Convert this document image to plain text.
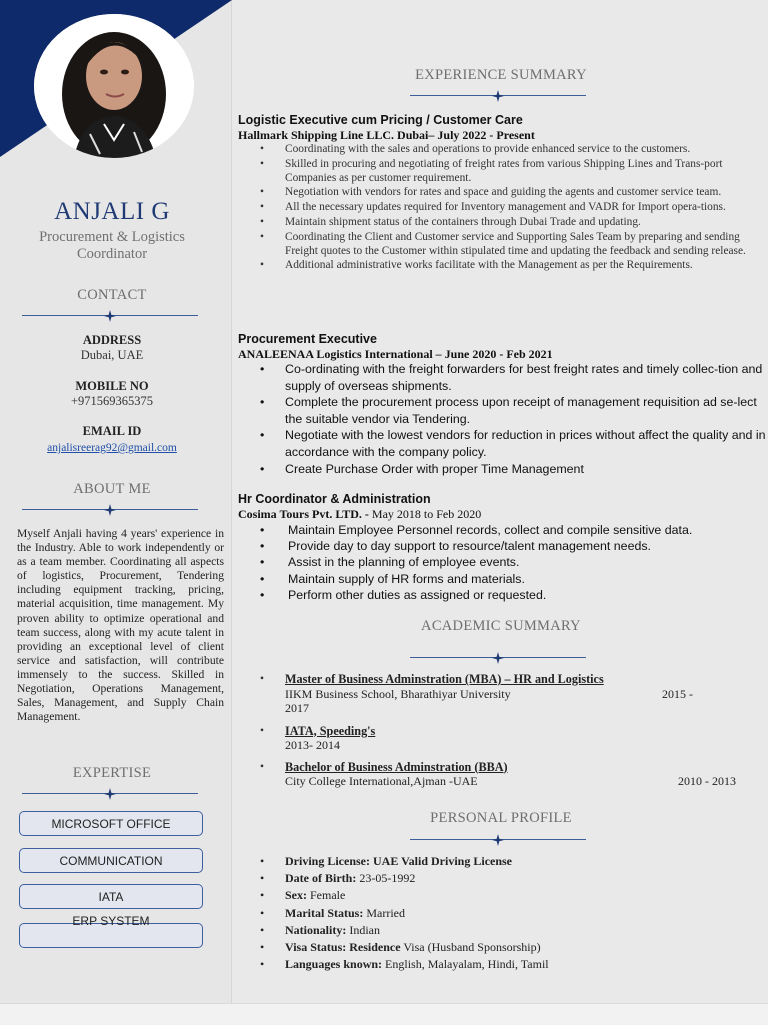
ANJALI G
Procurement & Logistics
Coordinator
CONTACT
ADDRESS
Dubai, UAE
MOBILE NO
+971569365375
EMAIL ID
anjalisreerag92@gmail.com
ABOUT ME
Myself Anjali having 4 years' experience in the Industry. Able to work independently or as a team member. Coordinating all aspects of logistics, Procurement, Tendering including equipment tracking, pricing, material acquisition, time management. My proven ability to optimize operational and team success, along with my acute talent in providing an exceptional level of client service and satisfaction, will contribute immensely to the success. Skilled in Negotiation, Operations Management, Sales, Management, and Supply Chain Management.
EXPERTISE
MICROSOFT OFFICE
COMMUNICATION
IATA
ERP SYSTEM
EXPERIENCE SUMMARY
Logistic Executive cum Pricing / Customer Care
Hallmark Shipping Line LLC. Dubai– July 2022 - Present
• Coordinating with the sales and operations to provide enhanced service to the customers.
• Skilled in procuring and negotiating of freight rates from various Shipping Lines and Trans-port Companies as per customer requirement.
• Negotiation with vendors for rates and space and guiding the agents and customer service team.
• All the necessary updates required for Inventory management and VADR for Import opera-tions.
• Maintain shipment status of the containers through Dubai Trade and updating.
• Coordinating the Client and Customer service and Supporting Sales Team by preparing and sending Freight quotes to the Customer within stipulated time and updating the feedback and sending release.
• Additional administrative works facilitate with the Management as per the Requirements.
Procurement Executive
ANALEENAA Logistics International – June 2020 - Feb 2021
• Co-ordinating with the freight forwarders for best freight rates and timely collec-tion and supply of overseas shipments.
• Complete the procurement process upon receipt of management requisition ad se-lect the suitable vendor via Tendering.
• Negotiate with the lowest vendors for reduction in prices without affect the quality and in accordance with the company policy.
• Create Purchase Order with proper Time Management
Hr Coordinator & Administration
Cosima Tours Pvt. LTD. - May 2018 to Feb 2020
• Maintain Employee Personnel records, collect and compile sensitive data.
• Provide day to day support to resource/talent management needs.
• Assist in the planning of employee events.
• Maintain supply of HR forms and materials.
• Perform other duties as assigned or requested.
ACADEMIC SUMMARY
• Master of Business Adminstration (MBA) – HR and Logistics
IIKM Business School, Bharathiyar University	2015 -
2017
• IATA, Speeding's
2013- 2014
• Bachelor of Business Adminstration (BBA)
City College International,Ajman -UAE	2010 - 2013
PERSONAL PROFILE
• Driving License: UAE Valid Driving License
• Date of Birth: 23-05-1992
• Sex: Female
• Marital Status: Married
• Nationality: Indian
• Visa Status: Residence Visa (Husband Sponsorship)
• Languages known: English, Malayalam, Hindi, Tamil
